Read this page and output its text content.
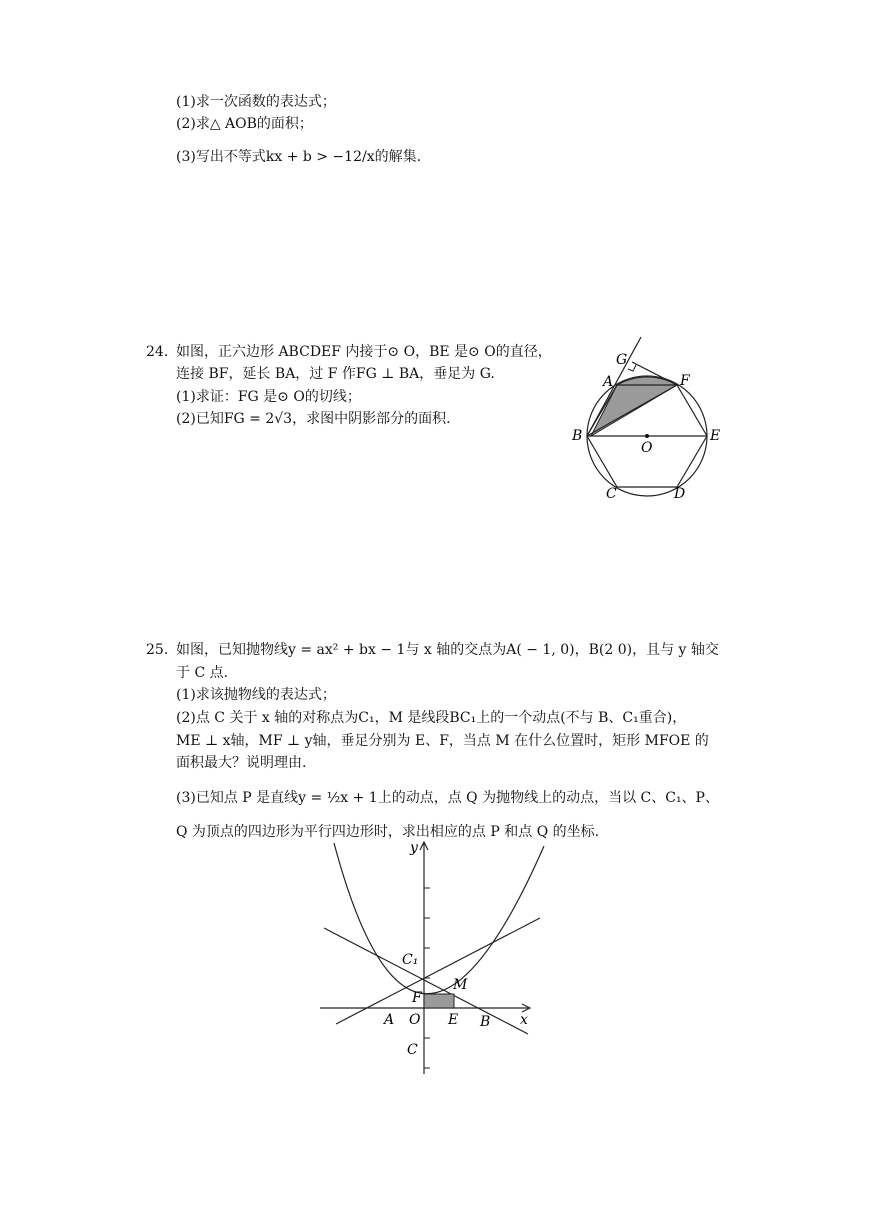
(1)求一次函数的表达式；
(2)求△ AOB的面积；
(3)写出不等式kx + b > −12/x的解集.
24. 如图，正六边形 ABCDEF 内接于⊙ O，BE 是⊙ O的直径，
连接 BF，延长 BA，过 F 作FG ⊥ BA，垂足为 G.
(1)求证：FG 是⊙ O的切线；
(2)已知FG = 2√3，求图中阴影部分的面积.
G
A	F
B	E
O
C	D
25. 如图，已知抛物线y = ax² + bx − 1与 x 轴的交点为A( − 1, 0)，B(2 0)，且与 y 轴交
于 C 点.
(1)求该抛物线的表达式；
(2)点 C 关于 x 轴的对称点为C₁，M 是线段BC₁上的一个动点(不与 B、C₁重合)，
ME ⊥ x轴，MF ⊥ y轴，垂足分别为 E、F，当点 M 在什么位置时，矩形 MFOE 的
面积最大？说明理由.
(3)已知点 P 是直线y = ½x + 1上的动点，点 Q 为抛物线上的动点，当以 C、C₁、P、
Q 为顶点的四边形为平行四边形时，求出相应的点 P 和点 Q 的坐标.
y
x
C₁
M
F
A O E B
C
